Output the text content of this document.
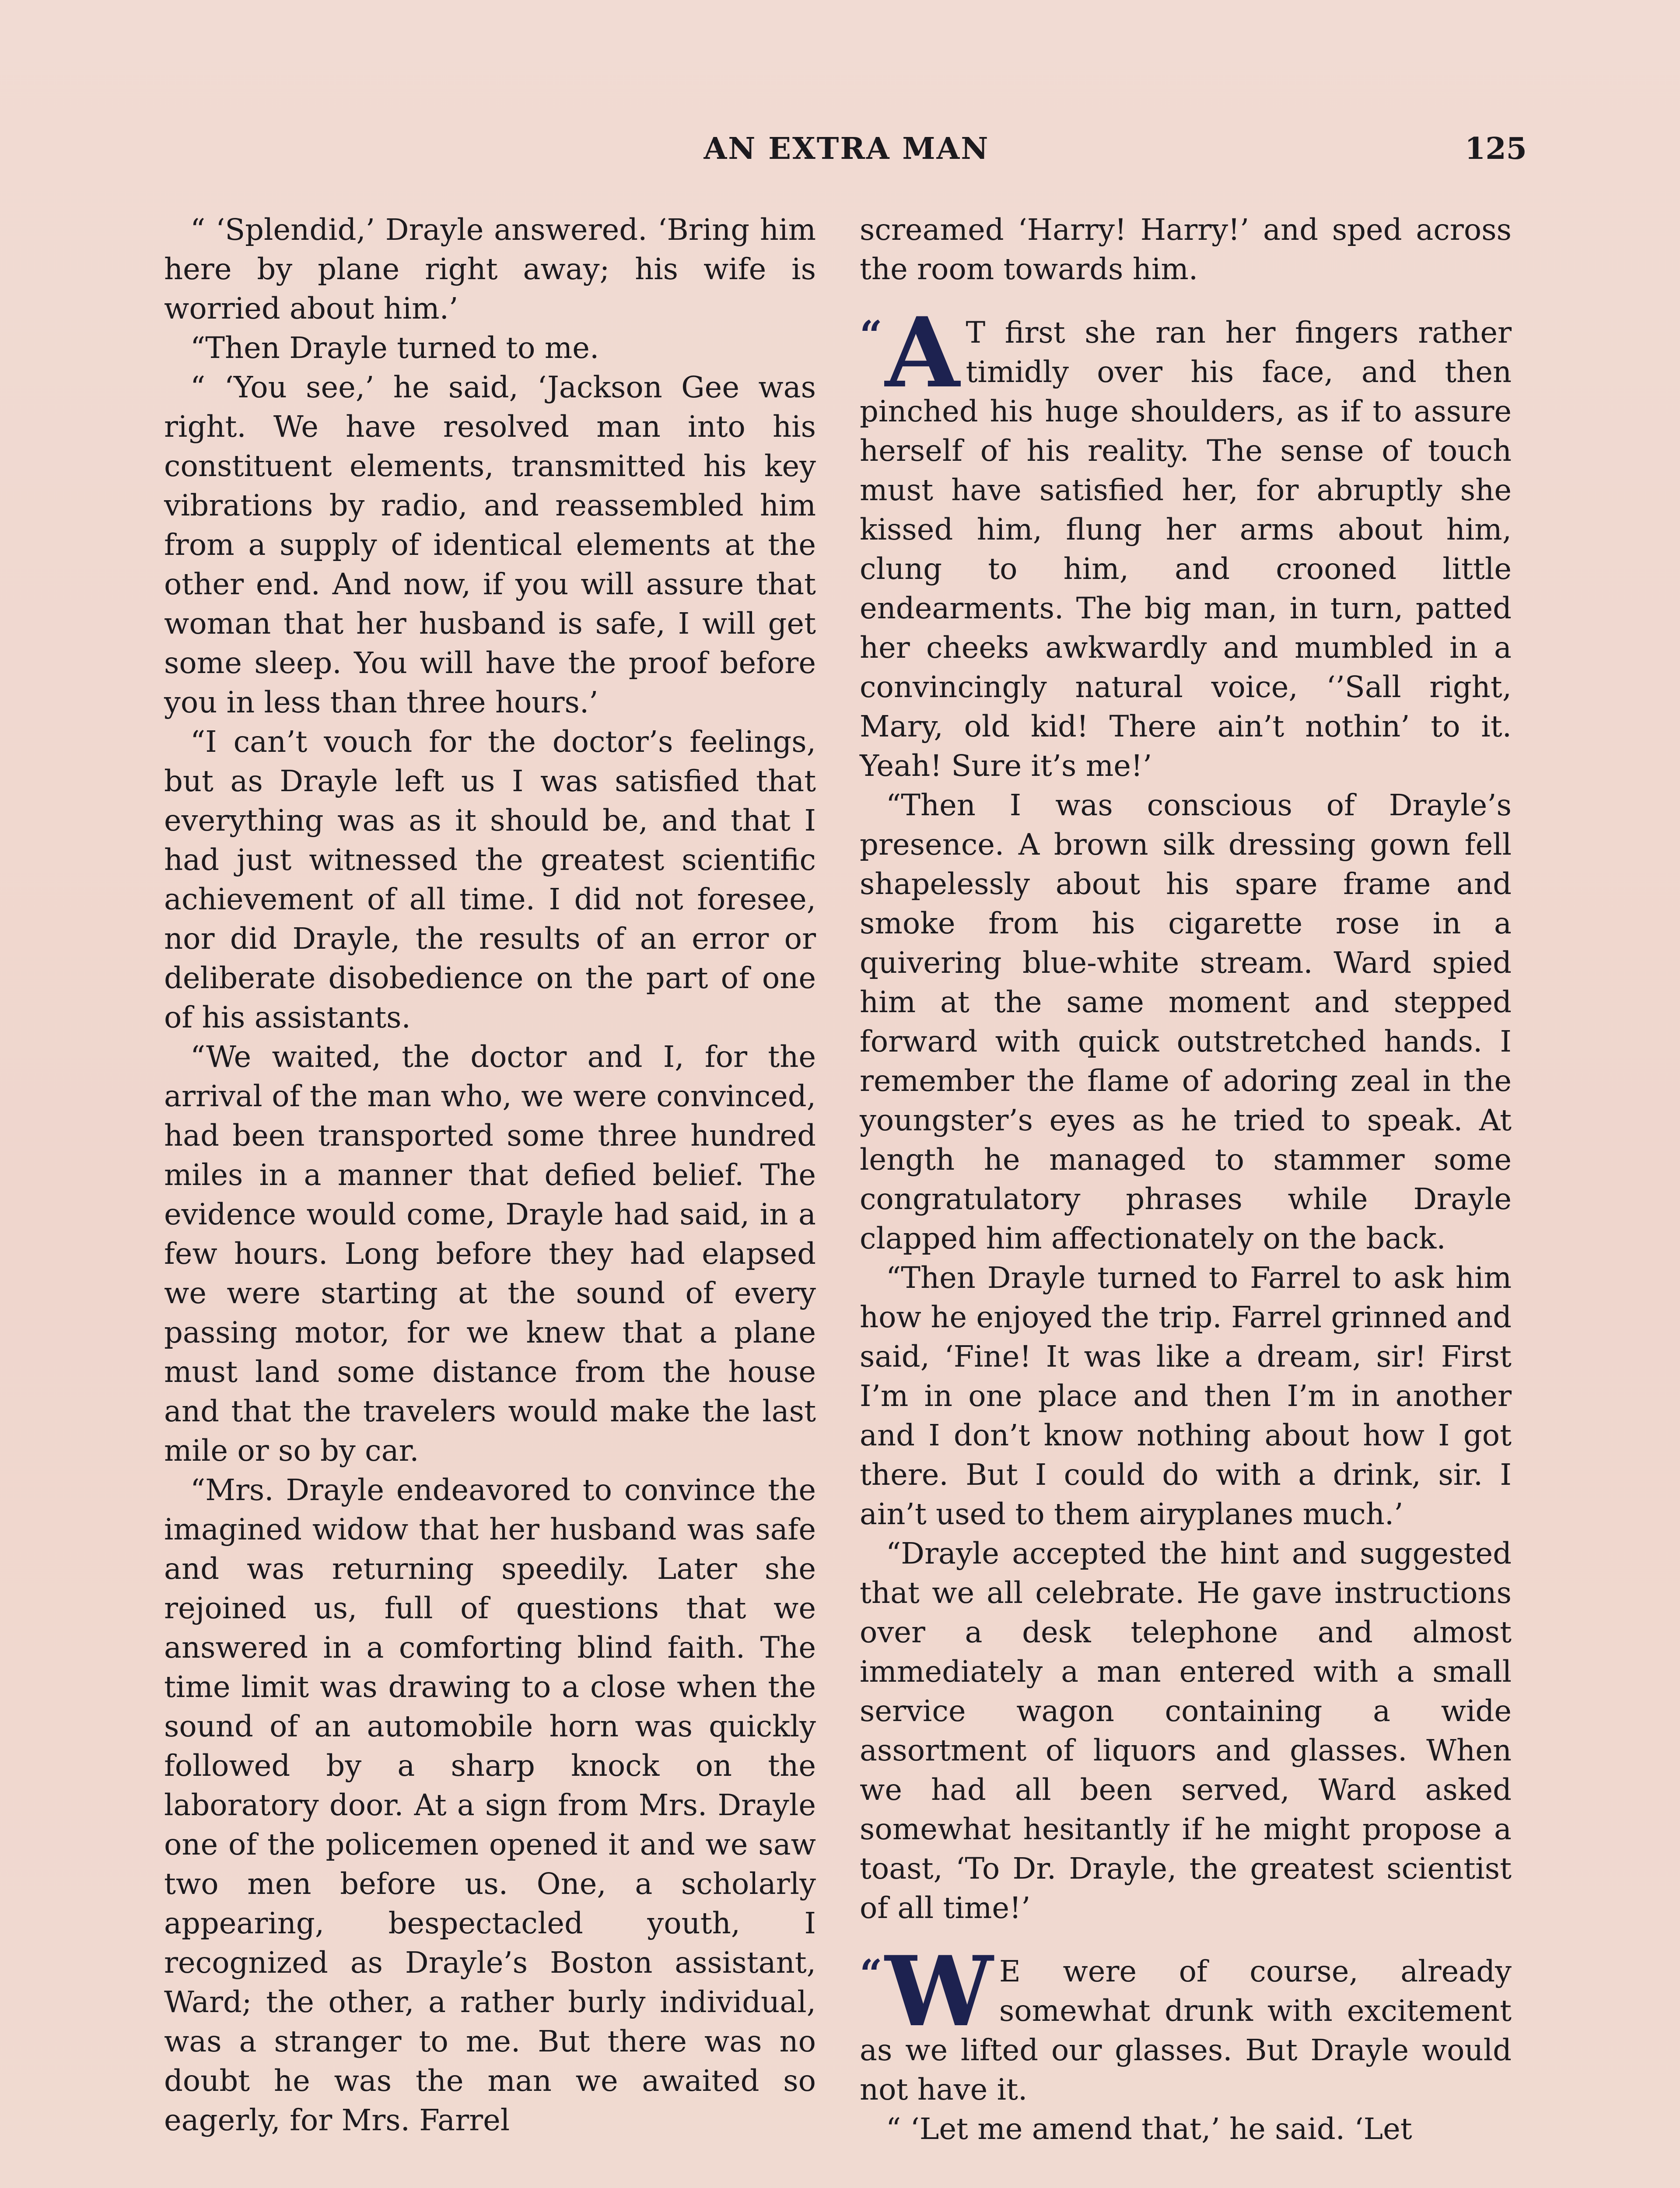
AN EXTRA MAN	125

“ ‘Splendid,’ Drayle answered. ‘Bring him here by plane right away; his wife is worried about him.’

“Then Drayle turned to me.

“ ‘You see,’ he said, ‘Jackson Gee was right. We have resolved man into his constituent elements, transmitted his key vibrations by radio, and reassembled him from a supply of identical elements at the other end. And now, if you will assure that woman that her husband is safe, I will get some sleep. You will have the proof before you in less than three hours.’

“I can’t vouch for the doctor’s feelings, but as Drayle left us I was satisfied that everything was as it should be, and that I had just witnessed the greatest scientific achievement of all time. I did not foresee, nor did Drayle, the results of an error or deliberate disobedience on the part of one of his assistants.

“We waited, the doctor and I, for the arrival of the man who, we were convinced, had been transported some three hundred miles in a manner that defied belief. The evidence would come, Drayle had said, in a few hours. Long before they had elapsed we were starting at the sound of every passing motor, for we knew that a plane must land some distance from the house and that the travelers would make the last mile or so by car.

“Mrs. Drayle endeavored to convince the imagined widow that her husband was safe and was returning speedily. Later she rejoined us, full of questions that we answered in a comforting blind faith. The time limit was drawing to a close when the sound of an automobile horn was quickly followed by a sharp knock on the laboratory door. At a sign from Mrs. Drayle one of the policemen opened it and we saw two men before us. One, a scholarly appearing, bespectacled youth, I recognized as Drayle’s Boston assistant, Ward; the other, a rather burly individual, was a stranger to me. But there was no doubt he was the man we awaited so eagerly, for Mrs. Farrel

screamed ‘Harry! Harry!’ and sped across the room towards him.

“A T first she ran her fingers rather timidly over his face, and then pinched his huge shoulders, as if to assure herself of his reality. The sense of touch must have satisfied her, for abruptly she kissed him, flung her arms about him, clung to him, and crooned little endearments. The big man, in turn, patted her cheeks awkwardly and mumbled in a convincingly natural voice, ‘’Sall right, Mary, old kid! There ain’t nothin’ to it. Yeah! Sure it’s me!’

“Then I was conscious of Drayle’s presence. A brown silk dressing gown fell shapelessly about his spare frame and smoke from his cigarette rose in a quivering blue-white stream. Ward spied him at the same moment and stepped forward with quick outstretched hands. I remember the flame of adoring zeal in the youngster’s eyes as he tried to speak. At length he managed to stammer some congratulatory phrases while Drayle clapped him affectionately on the back.

“Then Drayle turned to Farrel to ask him how he enjoyed the trip. Farrel grinned and said, ‘Fine! It was like a dream, sir! First I’m in one place and then I’m in another and I don’t know nothing about how I got there. But I could do with a drink, sir. I ain’t used to them airyplanes much.’

“Drayle accepted the hint and suggested that we all celebrate. He gave instructions over a desk telephone and almost immediately a man entered with a small service wagon containing a wide assortment of liquors and glasses. When we had all been served, Ward asked somewhat hesitantly if he might propose a toast, ‘To Dr. Drayle, the greatest scientist of all time!’

“W E were of course, already somewhat drunk with excitement as we lifted our glasses. But Drayle would not have it.

“ ‘Let me amend that,’ he said. ‘Let
